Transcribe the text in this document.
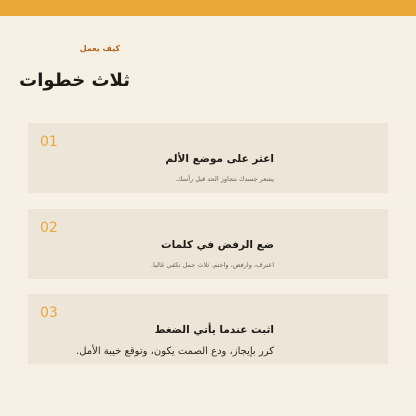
كيف يعمل
ثلاث خطوات
01
اعثر على موضع الألم
يشعر جسدك بتجاوز الحد قبل رأسك.
02
ضع الرفض في كلمات
اعترف، وارفض، واختم. ثلاث جمل تكفي غالبا.
03
اثبت عندما يأتي الضغط
كرر بإيجاز، ودع الصمت يكون، وتوقع خيبة الأمل.
